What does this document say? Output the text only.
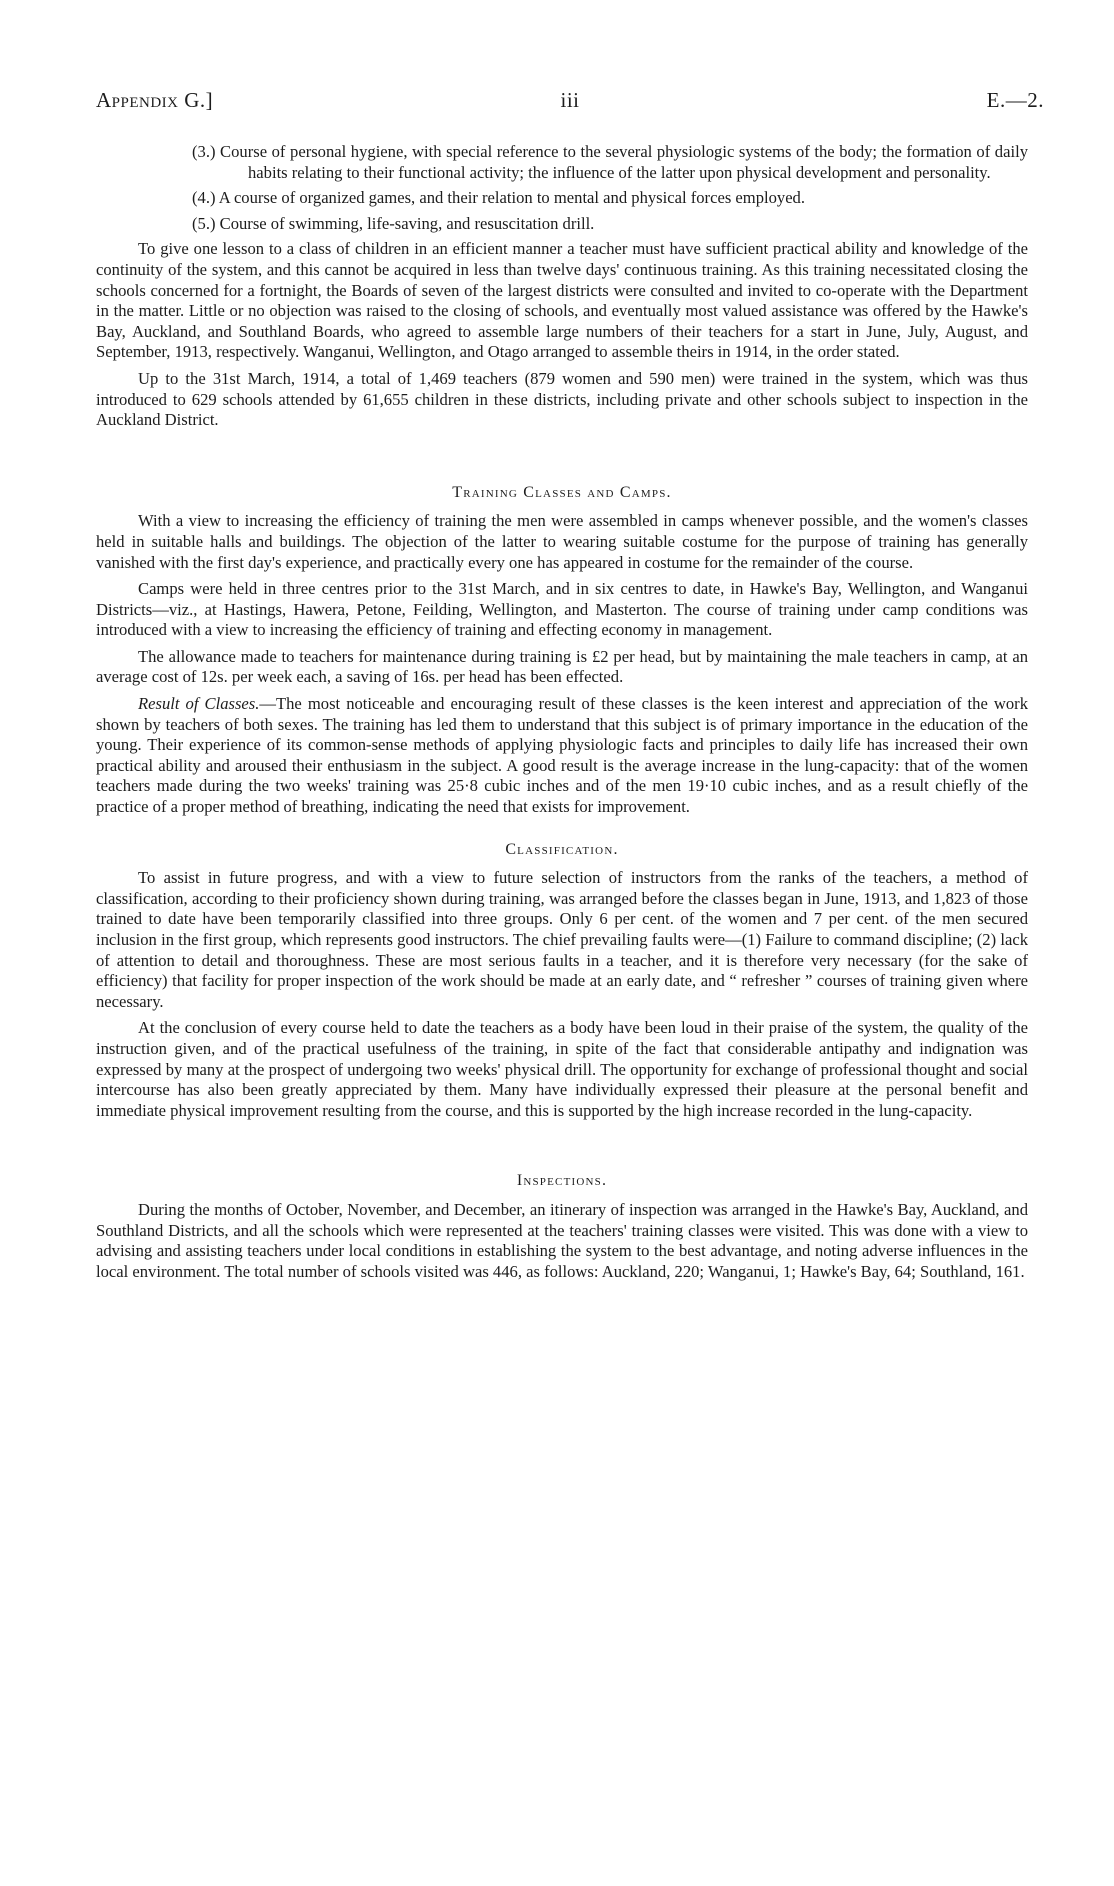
Appendix G.]	iii	E.—2.

(3.) Course of personal hygiene, with special reference to the several physiologic systems of the body; the formation of daily habits relating to their functional activity; the influence of the latter upon physical development and personality.

(4.) A course of organized games, and their relation to mental and physical forces employed.

(5.) Course of swimming, life-saving, and resuscitation drill.

To give one lesson to a class of children in an efficient manner a teacher must have sufficient practical ability and knowledge of the continuity of the system, and this cannot be acquired in less than twelve days' continuous training. As this training necessitated closing the schools concerned for a fortnight, the Boards of seven of the largest districts were consulted and invited to co-operate with the Department in the matter. Little or no objection was raised to the closing of schools, and eventually most valued assistance was offered by the Hawke's Bay, Auckland, and Southland Boards, who agreed to assemble large numbers of their teachers for a start in June, July, August, and September, 1913, respectively. Wanganui, Wellington, and Otago arranged to assemble theirs in 1914, in the order stated.

Up to the 31st March, 1914, a total of 1,469 teachers (879 women and 590 men) were trained in the system, which was thus introduced to 629 schools attended by 61,655 children in these districts, including private and other schools subject to inspection in the Auckland District.

Training Classes and Camps.

With a view to increasing the efficiency of training the men were assembled in camps whenever possible, and the women's classes held in suitable halls and buildings. The objection of the latter to wearing suitable costume for the purpose of training has generally vanished with the first day's experience, and practically every one has appeared in costume for the remainder of the course.

Camps were held in three centres prior to the 31st March, and in six centres to date, in Hawke's Bay, Wellington, and Wanganui Districts—viz., at Hastings, Hawera, Petone, Feilding, Wellington, and Masterton. The course of training under camp conditions was introduced with a view to increasing the efficiency of training and effecting economy in management.

The allowance made to teachers for maintenance during training is £2 per head, but by maintaining the male teachers in camp, at an average cost of 12s. per week each, a saving of 16s. per head has been effected.

Result of Classes.—The most noticeable and encouraging result of these classes is the keen interest and appreciation of the work shown by teachers of both sexes. The training has led them to understand that this subject is of primary importance in the education of the young. Their experience of its common-sense methods of applying physiologic facts and principles to daily life has increased their own practical ability and aroused their enthusiasm in the subject. A good result is the average increase in the lung-capacity: that of the women teachers made during the two weeks' training was 25·8 cubic inches and of the men 19·10 cubic inches, and as a result chiefly of the practice of a proper method of breathing, indicating the need that exists for improvement.

Classification.

To assist in future progress, and with a view to future selection of instructors from the ranks of the teachers, a method of classification, according to their proficiency shown during training, was arranged before the classes began in June, 1913, and 1,823 of those trained to date have been temporarily classified into three groups. Only 6 per cent. of the women and 7 per cent. of the men secured inclusion in the first group, which represents good instructors. The chief prevailing faults were—(1) Failure to command discipline; (2) lack of attention to detail and thoroughness. These are most serious faults in a teacher, and it is therefore very necessary (for the sake of efficiency) that facility for proper inspection of the work should be made at an early date, and “ refresher ” courses of training given where necessary.

At the conclusion of every course held to date the teachers as a body have been loud in their praise of the system, the quality of the instruction given, and of the practical usefulness of the training, in spite of the fact that considerable antipathy and indignation was expressed by many at the prospect of undergoing two weeks' physical drill. The opportunity for exchange of professional thought and social intercourse has also been greatly appreciated by them. Many have individually expressed their pleasure at the personal benefit and immediate physical improvement resulting from the course, and this is supported by the high increase recorded in the lung-capacity.

Inspections.

During the months of October, November, and December, an itinerary of inspection was arranged in the Hawke's Bay, Auckland, and Southland Districts, and all the schools which were represented at the teachers' training classes were visited. This was done with a view to advising and assisting teachers under local conditions in establishing the system to the best advantage, and noting adverse influences in the local environment. The total number of schools visited was 446, as follows: Auckland, 220; Wanganui, 1; Hawke's Bay, 64; Southland, 161.
